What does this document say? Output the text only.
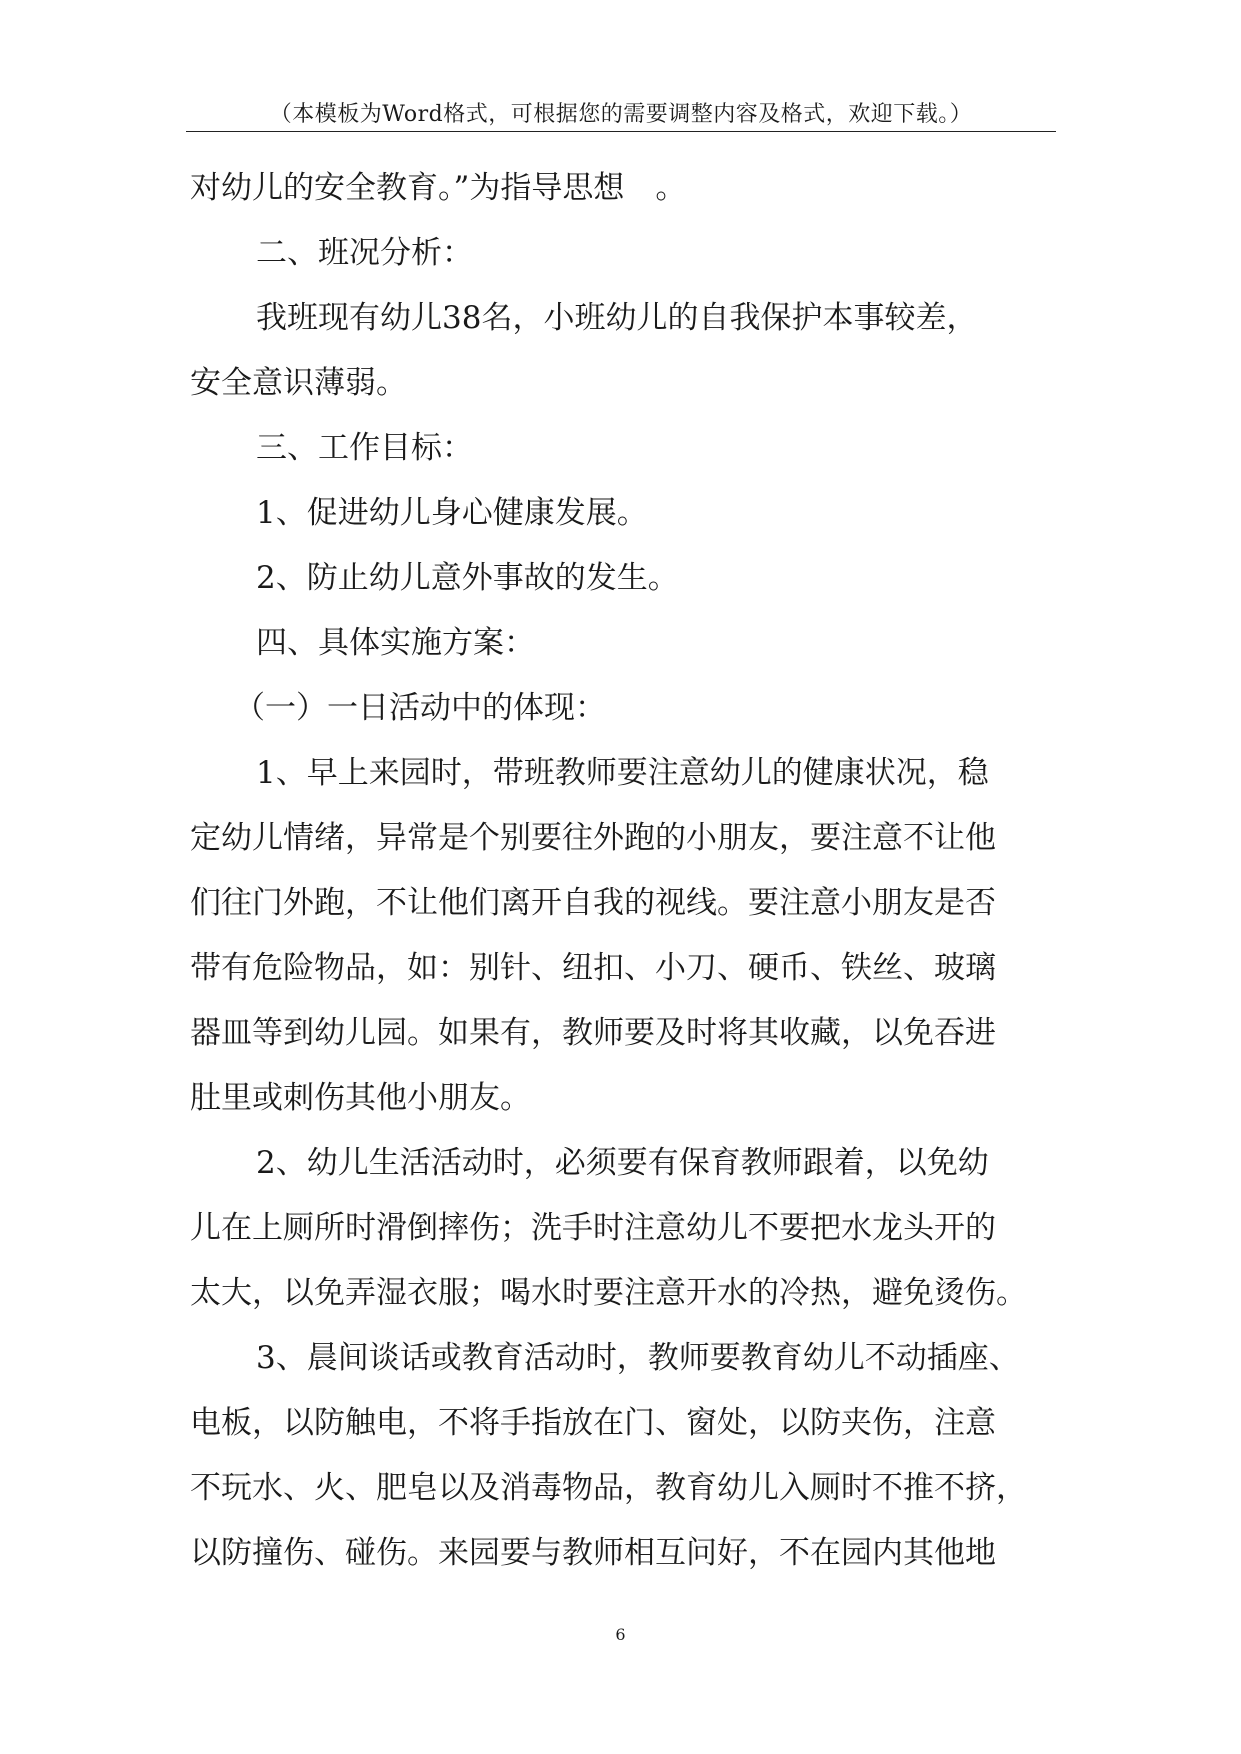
（本模板为Word格式，可根据您的需要调整内容及格式，欢迎下载。）
对幼儿的安全教育。”为指导思想　。
二、班况分析：
我班现有幼儿38名，小班幼儿的自我保护本事较差，
安全意识薄弱。
三、工作目标：
1、促进幼儿身心健康发展。
2、防止幼儿意外事故的发生。
四、具体实施方案：
（一）一日活动中的体现：
1、早上来园时，带班教师要注意幼儿的健康状况，稳
定幼儿情绪，异常是个别要往外跑的小朋友，要注意不让他
们往门外跑，不让他们离开自我的视线。要注意小朋友是否
带有危险物品，如：别针、纽扣、小刀、硬币、铁丝、玻璃
器皿等到幼儿园。如果有，教师要及时将其收藏，以免吞进
肚里或刺伤其他小朋友。
2、幼儿生活活动时，必须要有保育教师跟着，以免幼
儿在上厕所时滑倒摔伤；洗手时注意幼儿不要把水龙头开的
太大，以免弄湿衣服；喝水时要注意开水的冷热，避免烫伤。
3、晨间谈话或教育活动时，教师要教育幼儿不动插座、
电板，以防触电，不将手指放在门、窗处，以防夹伤，注意
不玩水、火、肥皂以及消毒物品，教育幼儿入厕时不推不挤，
以防撞伤、碰伤。来园要与教师相互问好，不在园内其他地
6
